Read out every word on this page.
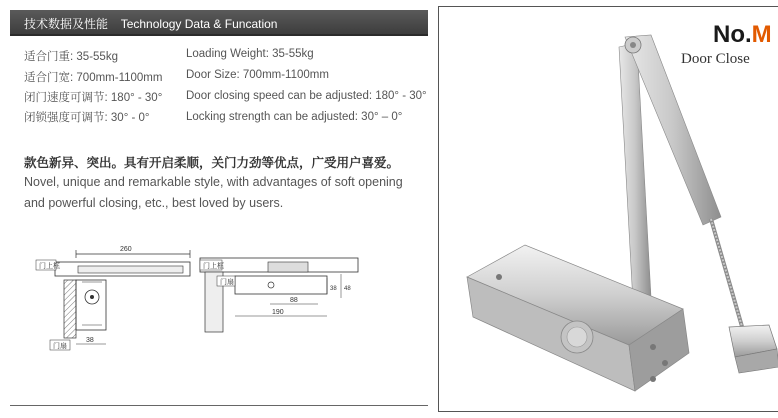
技术数据及性能 Technology Data & Funcation
适合门重: 35-55kg
适合门宽: 700mm-1100mm
闭门速度可调节: 180° - 30°
闭锁强度可调节: 30° - 0°
Loading Weight: 35-55kg
Door Size: 700mm-1100mm
Door closing speed can be adjusted: 180° - 30°
Locking strength can be adjusted: 30° – 0°
款色新异、突出。具有开启柔顺，关门力劲等优点，广受用户喜爱。
Novel, unique and remarkable style, with advantages of soft opening and powerful closing, etc., best loved by users.
260
38
门上框
门扇
38 48
88
190
门上框
门扇
No.M
Door Close
